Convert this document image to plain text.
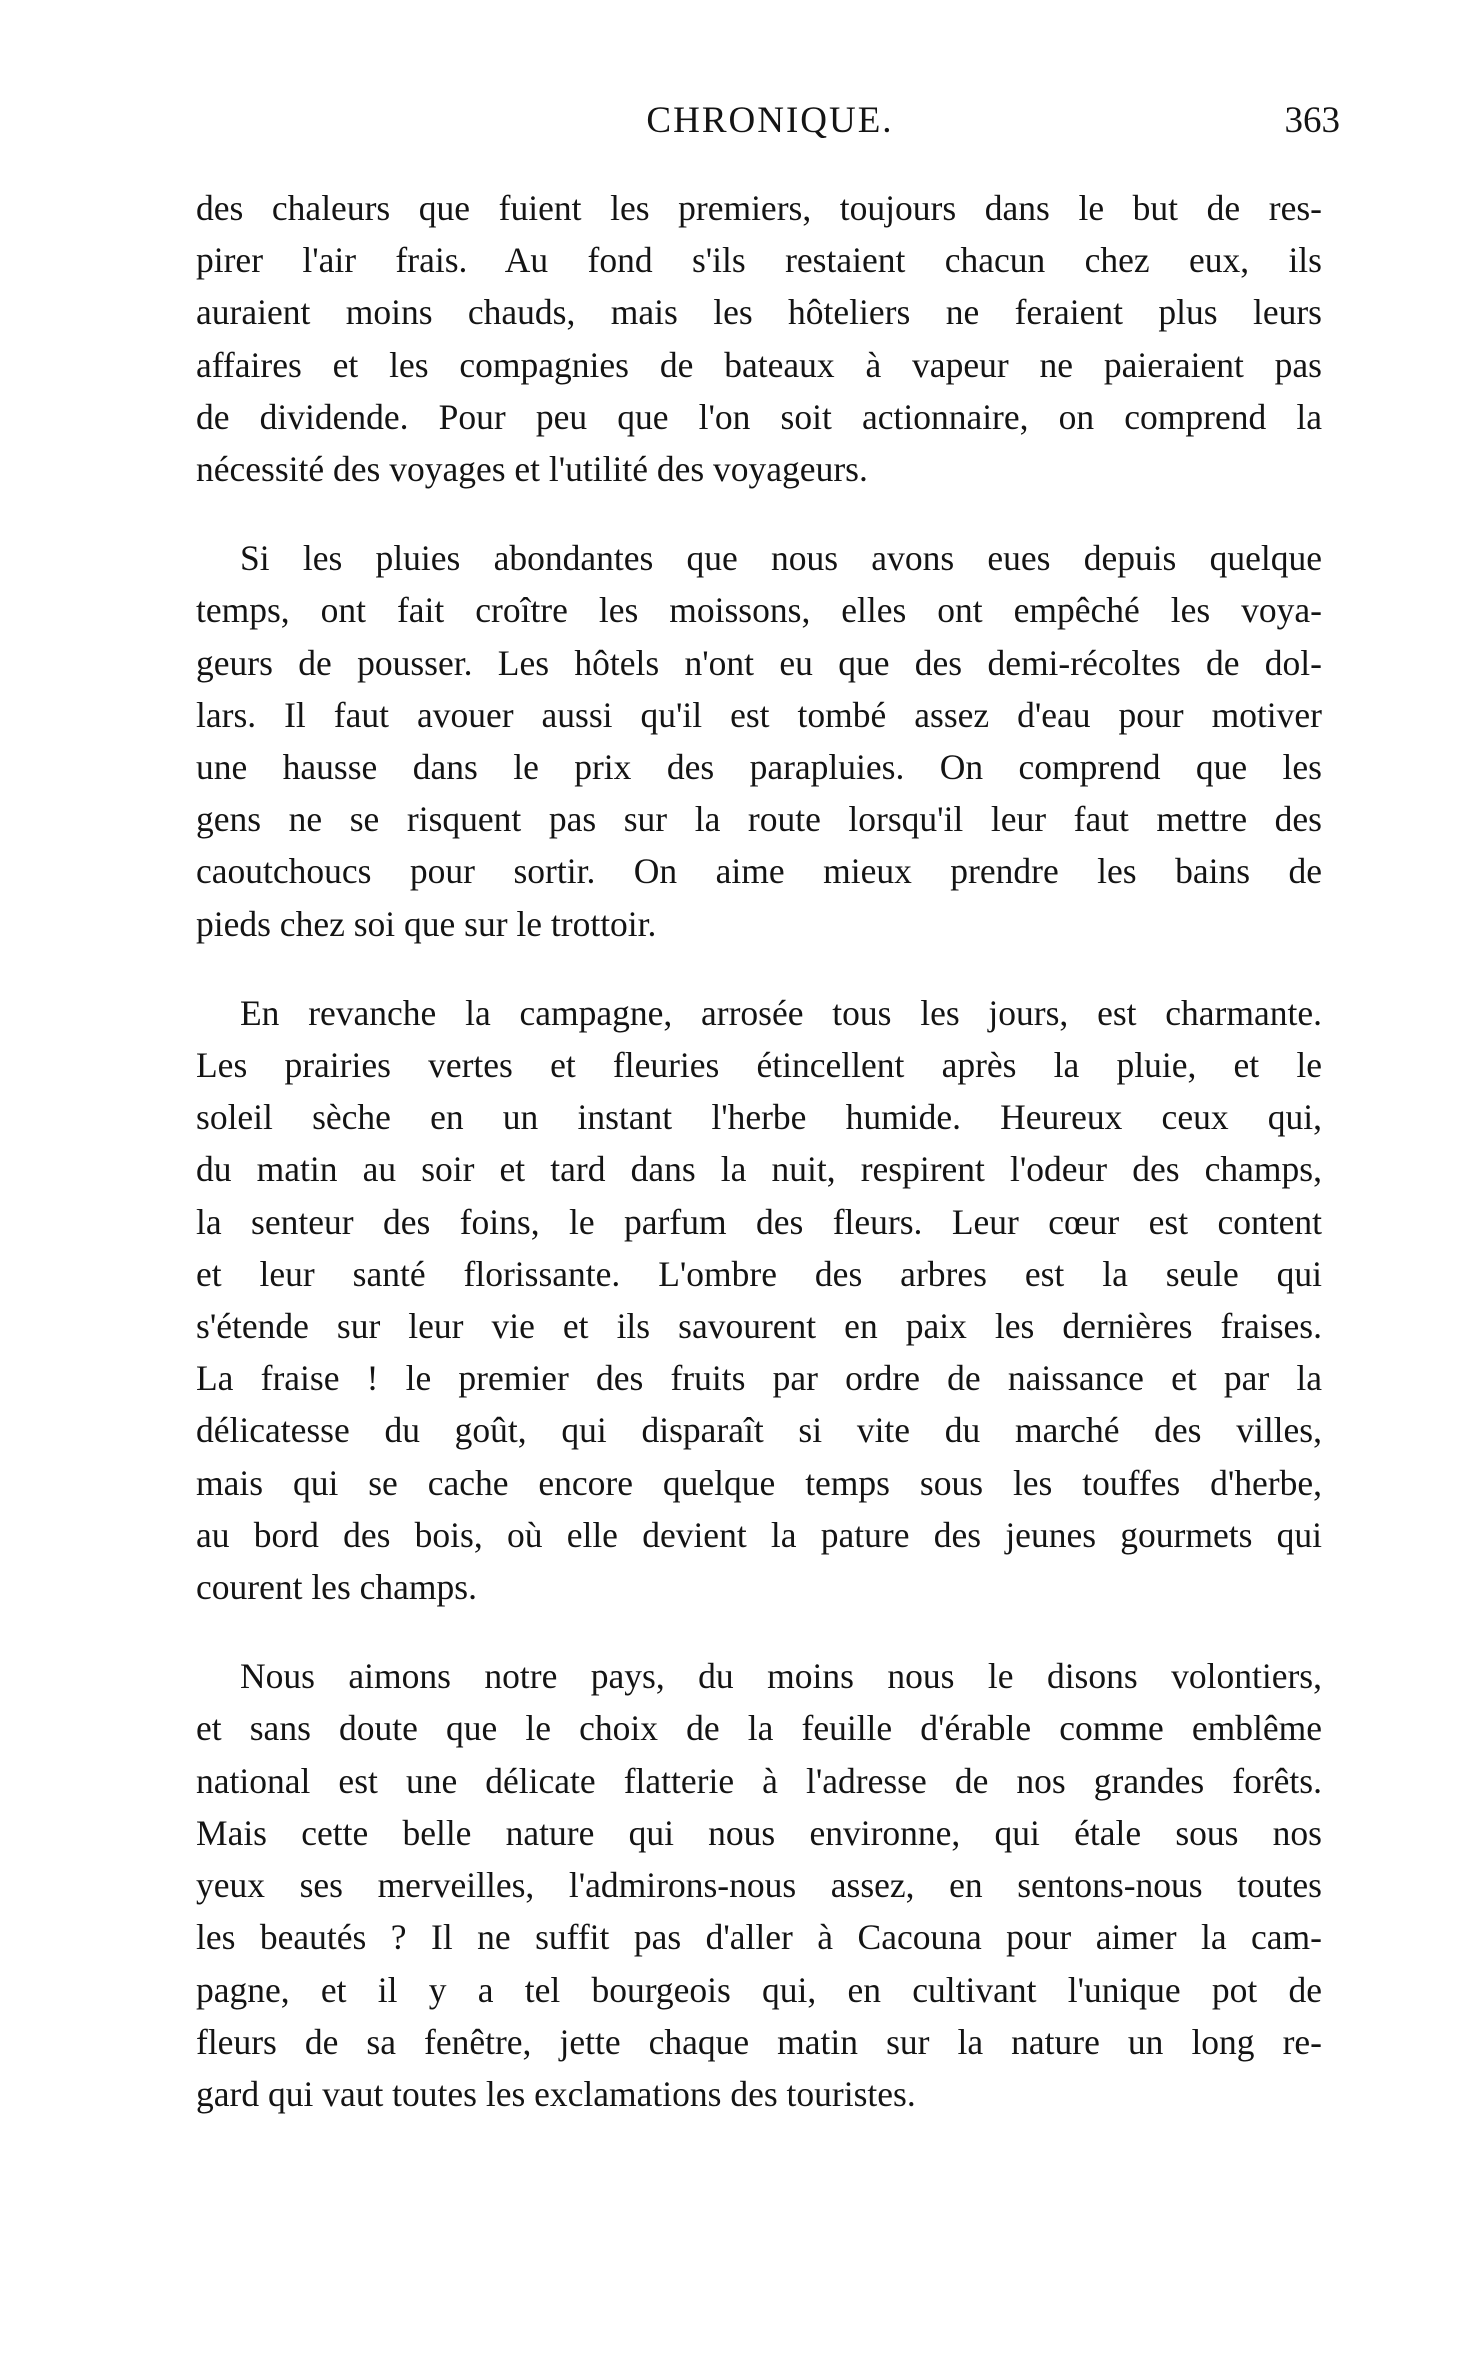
CHRONIQUE.	363
des chaleurs que fuient les premiers, toujours dans le but de res-
pirer l'air frais. Au fond s'ils restaient chacun chez eux, ils
auraient moins chauds, mais les hôteliers ne feraient plus leurs
affaires et les compagnies de bateaux à vapeur ne paieraient pas
de dividende. Pour peu que l'on soit actionnaire, on comprend la
nécessité des voyages et l'utilité des voyageurs.
Si les pluies abondantes que nous avons eues depuis quelque
temps, ont fait croître les moissons, elles ont empêché les voya-
geurs de pousser. Les hôtels n'ont eu que des demi-récoltes de dol-
lars. Il faut avouer aussi qu'il est tombé assez d'eau pour motiver
une hausse dans le prix des parapluies. On comprend que les
gens ne se risquent pas sur la route lorsqu'il leur faut mettre des
caoutchoucs pour sortir. On aime mieux prendre les bains de
pieds chez soi que sur le trottoir.
En revanche la campagne, arrosée tous les jours, est charmante.
Les prairies vertes et fleuries étincellent après la pluie, et le
soleil sèche en un instant l'herbe humide. Heureux ceux qui,
du matin au soir et tard dans la nuit, respirent l'odeur des champs,
la senteur des foins, le parfum des fleurs. Leur cœur est content
et leur santé florissante. L'ombre des arbres est la seule qui
s'étende sur leur vie et ils savourent en paix les dernières fraises.
La fraise ! le premier des fruits par ordre de naissance et par la
délicatesse du goût, qui disparaît si vite du marché des villes,
mais qui se cache encore quelque temps sous les touffes d'herbe,
au bord des bois, où elle devient la pature des jeunes gourmets qui
courent les champs.
Nous aimons notre pays, du moins nous le disons volontiers,
et sans doute que le choix de la feuille d'érable comme emblême
national est une délicate flatterie à l'adresse de nos grandes forêts.
Mais cette belle nature qui nous environne, qui étale sous nos
yeux ses merveilles, l'admirons-nous assez, en sentons-nous toutes
les beautés ? Il ne suffit pas d'aller à Cacouna pour aimer la cam-
pagne, et il y a tel bourgeois qui, en cultivant l'unique pot de
fleurs de sa fenêtre, jette chaque matin sur la nature un long re-
gard qui vaut toutes les exclamations des touristes.
